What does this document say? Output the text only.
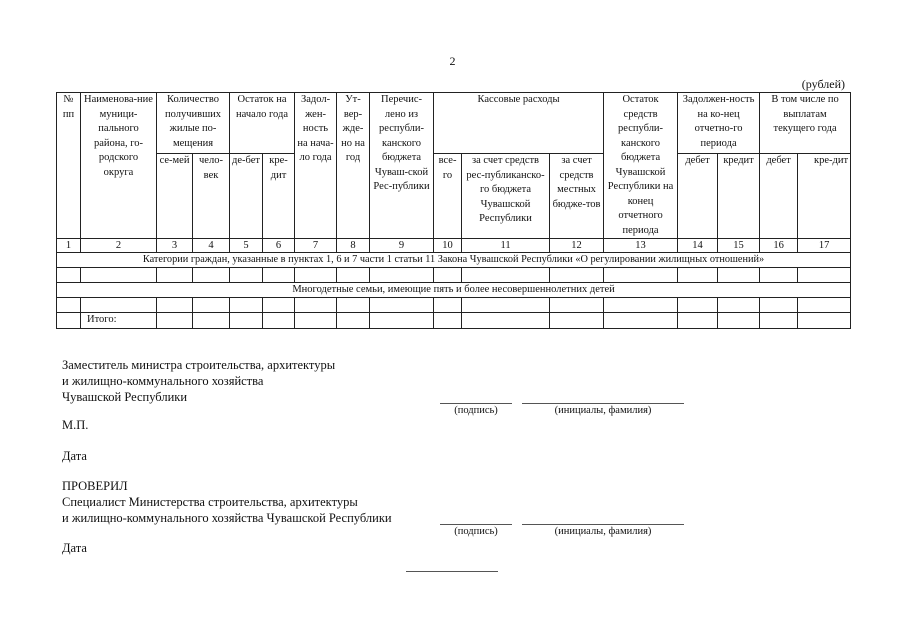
2
(рублей)
№ пп	Наименова-ние муници-пального района, го-родского округа	Количество получивших жилые по-мещения		Остаток на начало года		Задол-жен-ность на нача-ло года	Ут-вер-жде-но на год	Перечис-лено из республи-канского бюджета Чуваш-ской Рес-публики	Кассовые расходы			Остаток средств республи-канского бюджета Чувашской Республики на конец отчетного периода	Задолжен-ность на ко-нец отчетно-го периода		В том числе по выплатам текущего года	
		се-мей	чело-век	де-бет	кре-дит				все-го	за счет средств рес-публиканско-го бюджета Чувашской Республики	за счет средств местных бюдже-тов		дебет	кредит	дебет	кре-дит
1	2	3	4	5	6	7	8	9	10	11	12	13	14	15	16	17
Категории граждан, указанные в пунктах 1, 6 и 7 части 1 статьи 11 Закона Чувашской Республики «О регулировании жилищных отношений»																

Многодетные семьи, имеющие пять и более несовершеннолетних детей																

	Итого:															
Заместитель министра строительства, архитектуры
и жилищно-коммунального хозяйства
Чувашской Республики
(подпись)	(инициалы, фамилия)
М.П.
Дата
ПРОВЕРИЛ
Специалист Министерства строительства, архитектуры
и жилищно-коммунального хозяйства Чувашской Республики
(подпись)	(инициалы, фамилия)
Дата
